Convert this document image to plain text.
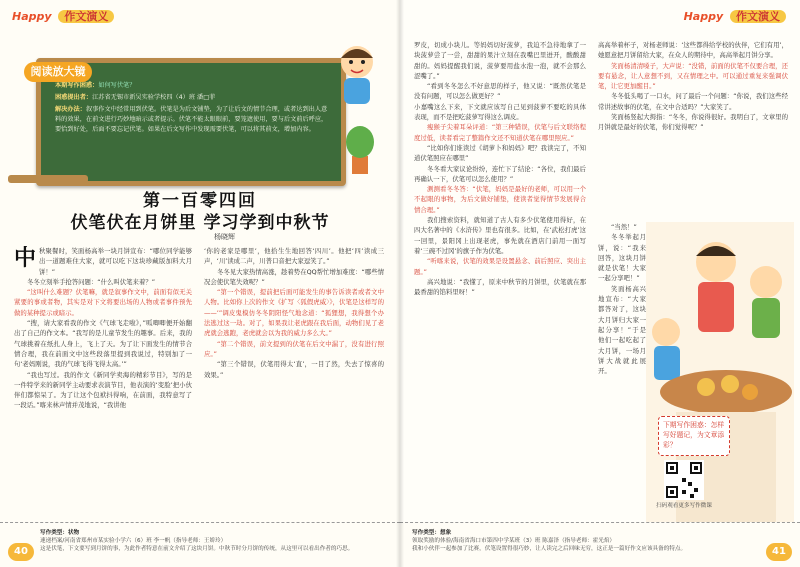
Happy 作文演义
本期写作困惑：如何写伏笔？
困惑提出者：江苏省无锡市新吴实验学校四（4）班 潘□菲
解决办法：叙事作文中经常用到伏笔。伏笔是为后文铺垫，为了让后文的情节合理，或者达到出人意料的效果，在前文进行巧妙地暗示或者提示。伏笔不能太眼眼前，要笼遮使用，要与后文前后呼应，要恰到好处，后面不要忘记伏笔。如果在后文写作中发现需要伏笔，可以将其前文，增加内容。
阅读放大镜
第一百零四回
伏笔伏在月饼里 学习学到中秋节
杨晓辉

中秋聚餐时，笑面杨高举一块月饼宣布：“哪位同学能够出一道题难住大家，就可以吃下这块珍藏版加料大月饼！”

冬冬立刻举手抢答问题：“什么叫伏笔来着？”

“这叫什么难题？伏笔嘛，就是叙事作文中，前面有似无关紧要的事或者物，其实是对下文将要出场的人物或者事件预先做的某种提示或暗示。

“搜，请大家看我的作文《气球飞走啦》，”呱唧唧便开始翻出了自己的作文本。“我写的是儿童节发生的趣事。后来，我的气球挑着在纸扎人身上，飞上了天。为了让下面发生的情节合情合理，我在前面文中这些段落里提到我说过，特别加了一句‘老妈刚说，我的气球飞得飞得太高。’”

“我也写过。我的作文《新同学卖海的精彩节目》，写的是一件特学来的新同学主动要求表演节目，他表演的‘变脸’把小伙伴们都惊呆了。为了让这个包袱抖得响，在前面，我特意写了一段话。”喀来林声情并茂地说，“我讲他

‘你的老家是哪里’，他拾生生地回答‘四川’。他把‘四’读成三声，‘川’读成二声，川普口音把大家逗笑了。”

冬冬见大家热情高涨，趁着势在QQ帮忙增加难度：“哪些情况会使伏笔失效呢？”

“第一个错误，提前把后面可能发生的事告诉读者或者文中人物。比如你上次的作文《扩写〈狐假虎威〉》，伏笔是这样写的——’”调皮鬼模仿冬冬阴阳怪气地念道：“狐狸想，我得想个办法逃过这一劫。对了，如果我让老虎跟在我后面，动物们见了老虎就会逃跑，老虎就会以为我的威力多么大。”

“第二个错误，前文提到的伏笔在后文中漏了，没有进行照应。”

“第三个错误，伏笔用得太‘直’，一目了然，失去了惊喜的效果。”

写作类型：状物
速递档案/河南省郑州市某实验小学六（6）班 李一帆（指导老师：王娇玲）
这是伏笔，下文要写到月饼的事，为此作者特意在前文介绍了这块月饼。中秋节时分月饼的传统，从这里可以看出作者的巧思。
40
Happy 作文演义

罗皮，切成小块儿。等妈妈切好菠萝，我迫不急待地拿了一块菠萝尝了一尝，甜甜的果汁立刻在我嘴巴里迸开，酸酸甜甜的。妈妈提醒我们说，菠萝要用盐水泡一泡，就不会那么涩嘴了。”

“看到冬冬怎么不好意思的样子，他又说：“既然伏笔是没有问题，可以怎么做更好？”

小嘉嘴这么下来，下文就应该写自己见到菠萝不要吃的具体表现，而不是把吃菠萝写得这么调皮。

瘦猴子尖着耳朵评道：“第三种错误，伏笔与后文联络程度过低，读者看完了整篇作文还不知道伏笔在哪里照应。”

“比如你们谁读过《胡萝卜和妈妈》吧？我读完了，不知道伏笔照应在哪里”

冬冬看大家议论纷纷，连忙下了结论：“各位，我们最后再确认一下，伏笔可以怎么使用？”

测测看冬冬答：“伏笔，妈妈是最好的老师，可以用一个不起眼的事物，为后文做好铺垫，使读者觉得情节发展得合情合理。”

我们搜索资料，就知道了古人有多少伏笔使用得好，在四大名著中的《水浒传》里也有很多。比如，在‘武松打虎’这一回里，景阳冈上出现老虎，事先就在酒店门前用一面写着‘三碗不过冈’的旗子作为伏笔。

“听喀来说，伏笔的效果是设置悬念、前后照应、突出主题。”

高兴地说：“我懂了，原来中秋节的月饼里，伏笔就在那最香甜的馅料里呀！”

高高举着杯子，对杨老师说：‘这些都得给学校的伙伴，它们有用’，她愿意把月饼留给大家，在众人的期待中，高高举起月饼分享。

笑面杨清清嗓子，大声说：“没错，前面的伏笔不仅要合理，还要有悬念，让人意想不到，又在情理之中。可以通过重复来强调伏笔，让它更加醒目。”

冬冬低头喝了一口水，问了最后一个问题：“你说，我们这些经常讲述故事的伏笔，在文中合适吗？”大家笑了。

笑面杨竖起大拇指：“冬冬，你说得很好。我明白了，文章里的月饼就是最好的伏笔，你们觉得呢？”

“当然！”

冬冬举起月饼，说：“我来回答，这块月饼就是伏笔！大家一起分享吧！”

笑面杨高兴地宣布：“大家都答对了，这块大月饼归大家一起分享！”于是他们一起吃起了大月饼，一场月饼大战就此展开。

下期写作困惑：怎样写好题记，为文章添彩？
扫码观看更多写作微课
写作类型：想象
领取奖励的体验/海南省海口市第四中学某班（3）班 陈嘉泽（指导老师：霍光焰）
我和小伙伴一起参加了比赛，伏笔设置得很巧妙，让人读完之后回味无穷，这正是一篇好作文应该具备的特点。	41
